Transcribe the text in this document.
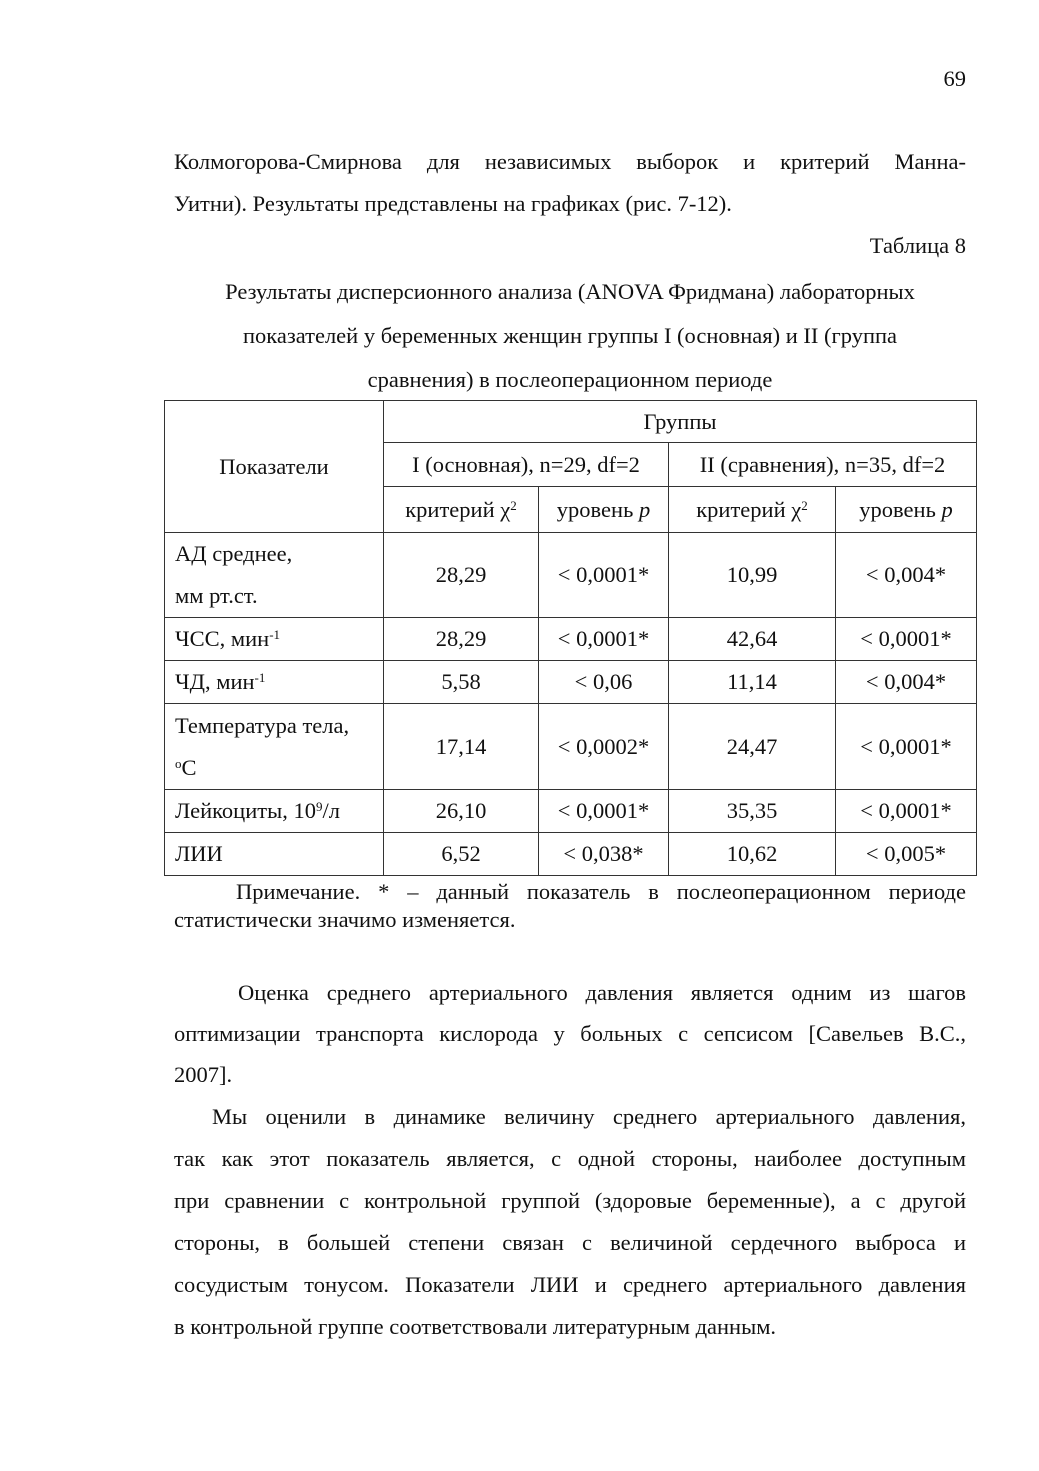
69
Колмогорова-Смирнова для независимых выборок и критерий Манна-
Уитни). Результаты представлены на графиках (рис. 7-12).
Таблица 8
Результаты дисперсионного анализа (ANOVA Фридмана) лабораторных
показателей у беременных женщин группы I (основная) и II (группа
сравнения) в послеоперационном периоде
Показатели	Группы			
	I (основная), n=29, df=2		II (сравнения), n=35, df=2	
	критерий $\chi^2$	уровень p	критерий $\chi^2$	уровень p

АД среднее,
мм рт.ст.	28,29	< 0,0001*	10,99	< 0,004*
ЧСС, мин$^{-1}$	28,29	< 0,0001*	42,64	< 0,0001*
ЧД, мин$^{-1}$	5,58	< 0,06	11,14	< 0,004*

Температура тела,
$^o$С	17,14	< 0,0002*	24,47	< 0,0001*
Лейкоциты, $10^9/л$	26,10	< 0,0001*	35,35	< 0,0001*
ЛИИ	6,52	< 0,038*	10,62	< 0,005*
Примечание. * – данный показатель в послеоперационном периоде
статистически значимо изменяется.
Оценка среднего артериального давления является одним из шагов
оптимизации транспорта кислорода у больных с сепсисом [Савельев В.С.,
2007].
Мы оценили в динамике величину среднего артериального давления,
так как этот показатель является, с одной стороны, наиболее доступным
при сравнении с контрольной группой (здоровые беременные), а с другой
стороны, в большей степени связан с величиной сердечного выброса и
сосудистым тонусом. Показатели ЛИИ и среднего артериального давления
в контрольной группе соответствовали литературным данным.
